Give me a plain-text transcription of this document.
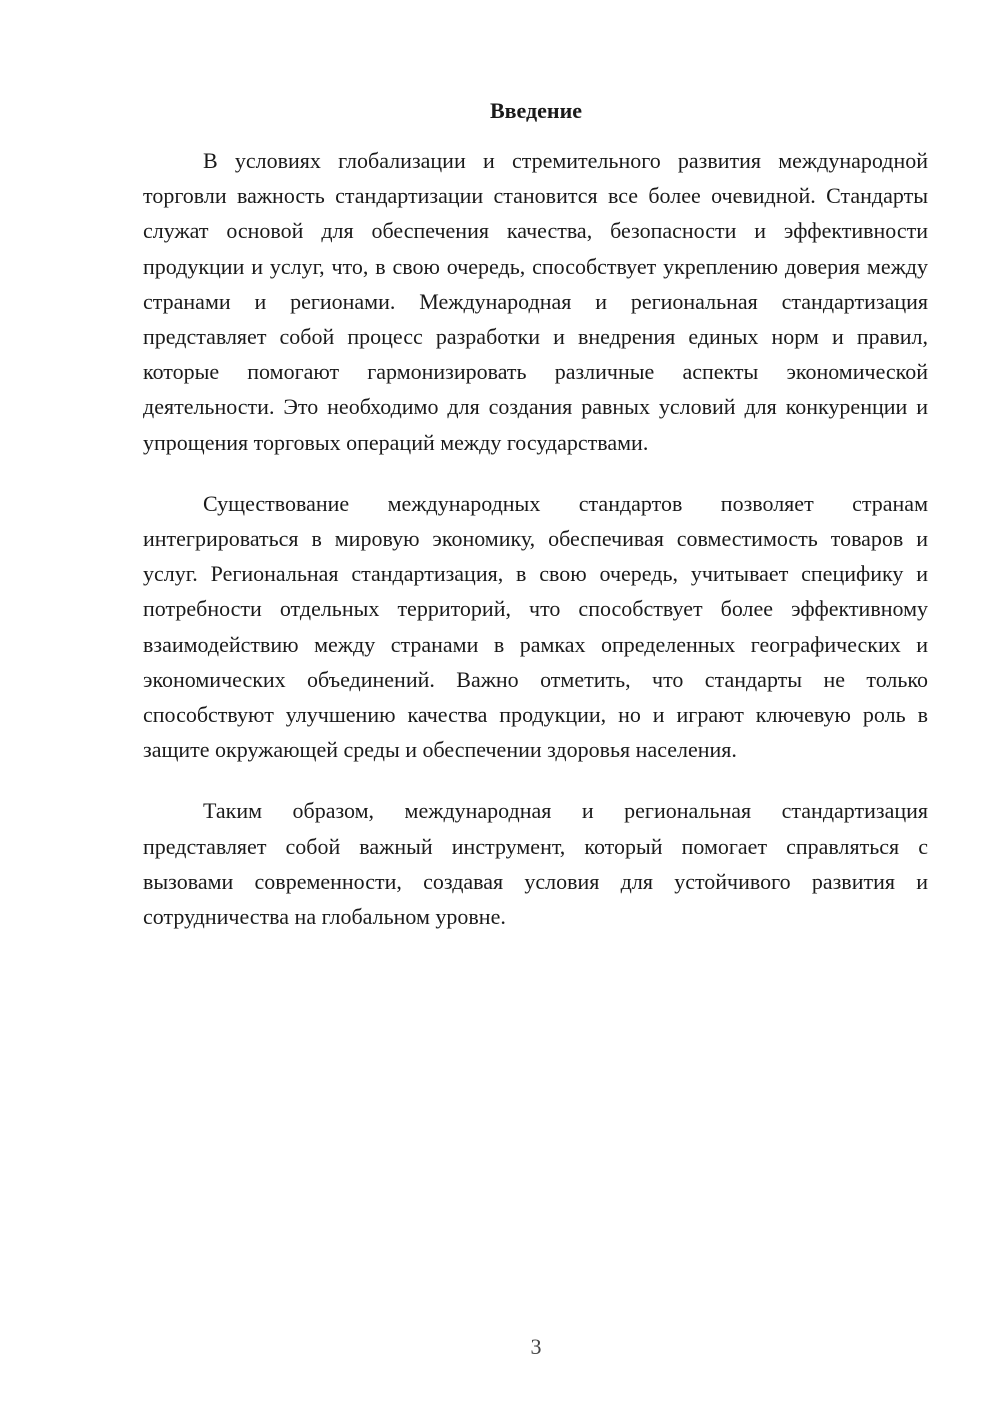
Введение

В условиях глобализации и стремительного развития международной торговли важность стандартизации становится все более очевидной. Стандарты служат основой для обеспечения качества, безопасности и эффективности продукции и услуг, что, в свою очередь, способствует укреплению доверия между странами и регионами. Международная и региональная стандартизация представляет собой процесс разработки и внедрения единых норм и правил, которые помогают гармонизировать различные аспекты экономической деятельности. Это необходимо для создания равных условий для конкуренции и упрощения торговых операций между государствами.

Существование международных стандартов позволяет странам интегрироваться в мировую экономику, обеспечивая совместимость товаров и услуг. Региональная стандартизация, в свою очередь, учитывает специфику и потребности отдельных территорий, что способствует более эффективному взаимодействию между странами в рамках определенных географических и экономических объединений. Важно отметить, что стандарты не только способствуют улучшению качества продукции, но и играют ключевую роль в защите окружающей среды и обеспечении здоровья населения.

Таким образом, международная и региональная стандартизация представляет собой важный инструмент, который помогает справляться с вызовами современности, создавая условия для устойчивого развития и сотрудничества на глобальном уровне.

3
